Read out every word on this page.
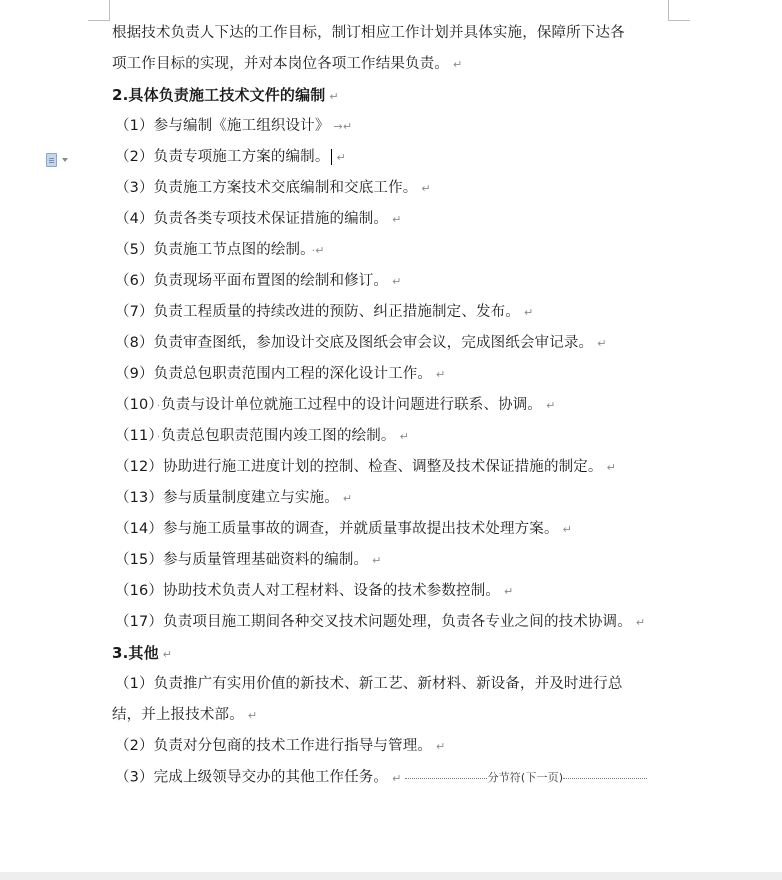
根据技术负责人下达的工作目标，制订相应工作计划并具体实施，保障所下达各
项工作目标的实现，并对本岗位各项工作结果负责。 ↵
2.具体负责施工技术文件的编制 ↵
（1）参与编制《施工组织设计》 →↵
（2）负责专项施工方案的编制。 ↵
（3）负责施工方案技术交底编制和交底工作。 ↵
（4）负责各类专项技术保证措施的编制。 ↵
（5）负责施工节点图的绘制。 ·↵
（6）负责现场平面布置图的绘制和修订。 ↵
（7）负责工程质量的持续改进的预防、纠正措施制定、发布。 ↵
（8）负责审查图纸，参加设计交底及图纸会审会议，完成图纸会审记录。 ↵
（9）负责总包职责范围内工程的深化设计工作。 ↵
（10）·负责与设计单位就施工过程中的设计问题进行联系、协调。 ↵
（11）·负责总包职责范围内竣工图的绘制。 ↵
（12）协助进行施工进度计划的控制、检查、调整及技术保证措施的制定。 ↵
（13）参与质量制度建立与实施。 ↵
（14）参与施工质量事故的调查，并就质量事故提出技术处理方案。 ↵
（15）参与质量管理基础资料的编制。 ↵
（16）协助技术负责人对工程材料、设备的技术参数控制。 ↵
（17）负责项目施工期间各种交叉技术问题处理，负责各专业之间的技术协调。 ↵
3.其他 ↵
（1）负责推广有实用价值的新技术、新工艺、新材料、新设备，并及时进行总
结，并上报技术部。 ↵
（2）负责对分包商的技术工作进行指导与管理。 ↵
（3）完成上级领导交办的其他工作任务。 ↵	分节符(下一页)
